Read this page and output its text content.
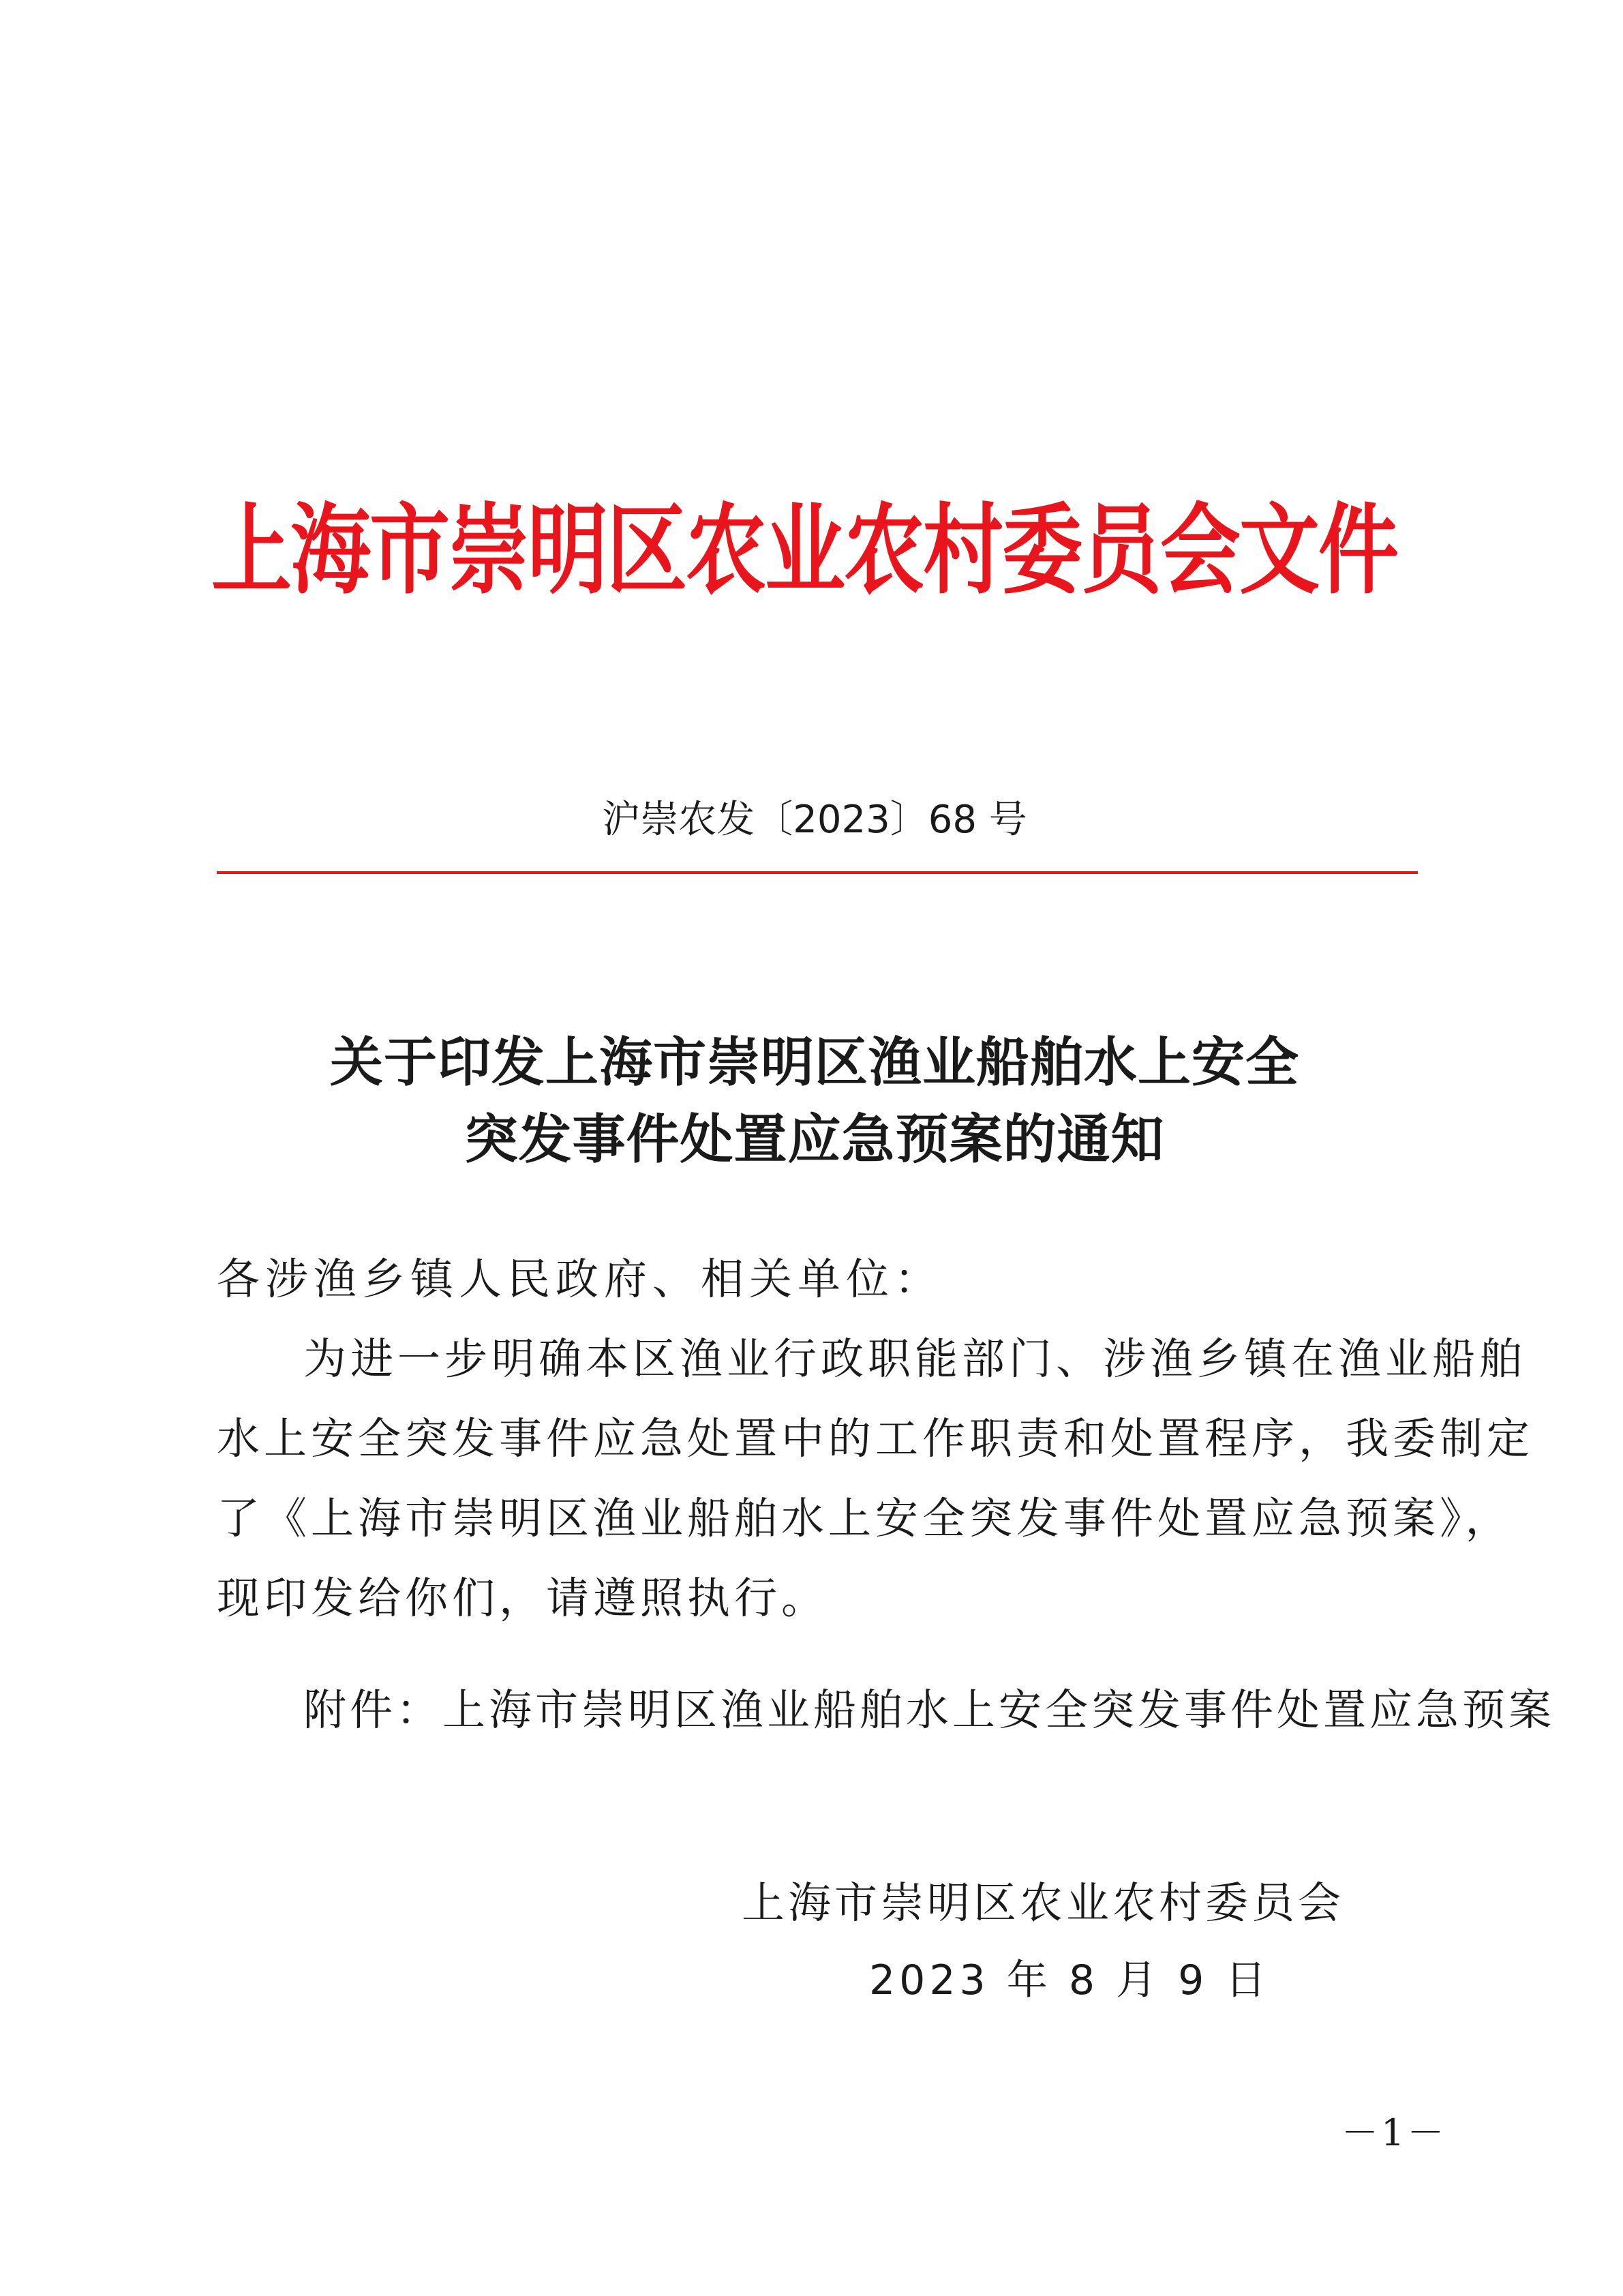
上海市崇明区农业农村委员会文件
沪崇农发〔2023〕68 号
关于印发上海市崇明区渔业船舶水上安全
突发事件处置应急预案的通知
各涉渔乡镇人民政府、相关单位：
为进一步明确本区渔业行政职能部门、涉渔乡镇在渔业船舶
水上安全突发事件应急处置中的工作职责和处置程序，我委制定
了《上海市崇明区渔业船舶水上安全突发事件处置应急预案》，
现印发给你们，请遵照执行。
附件：上海市崇明区渔业船舶水上安全突发事件处置应急预案
上海市崇明区农业农村委员会
2023 年 8 月 9 日
－1－
